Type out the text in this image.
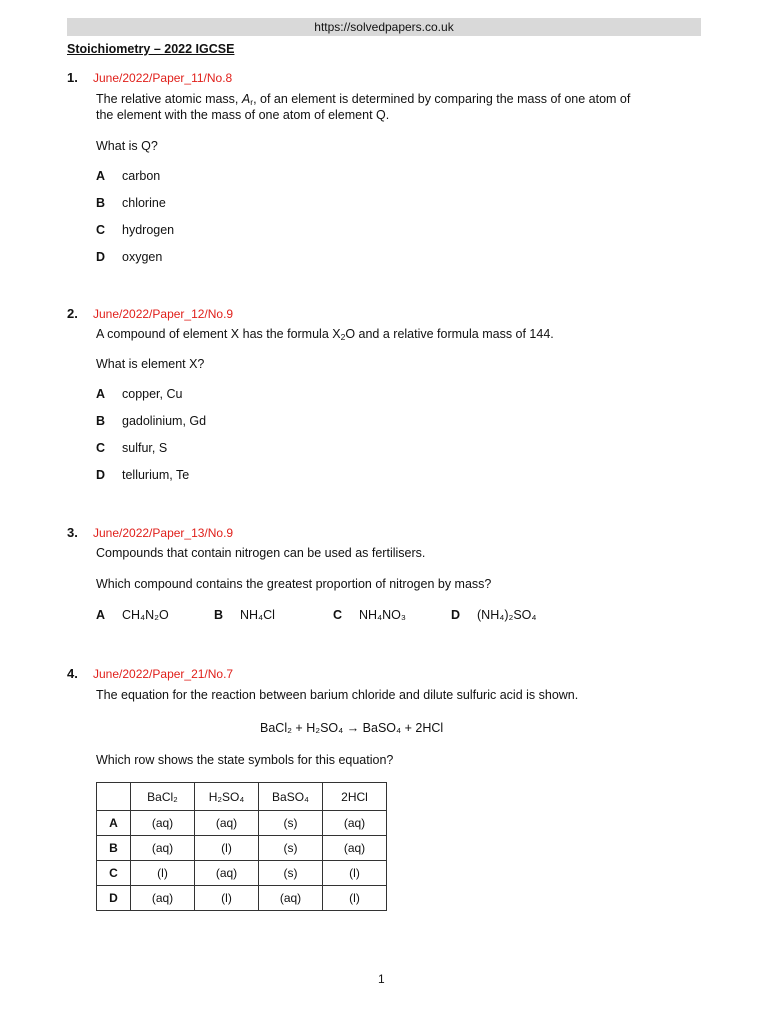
https://solvedpapers.co.uk
Stoichiometry – 2022 IGCSE
1. June/2022/Paper_11/No.8
The relative atomic mass, $A_r$, of an element is determined by comparing the mass of one atom of
the element with the mass of one atom of element Q.
What is Q?
A carbon
B chlorine
C hydrogen
D oxygen
2. June/2022/Paper_12/No.9
A compound of element X has the formula $X_2O$ and a relative formula mass of 144.
What is element X?
A copper, Cu
B gadolinium, Gd
C sulfur, S
D tellurium, Te
3. June/2022/Paper_13/No.9
Compounds that contain nitrogen can be used as fertilisers.
Which compound contains the greatest proportion of nitrogen by mass?
A CH₄N₂O	B NH₄Cl	C NH₄NO₃	D (NH₄)₂SO₄
4. June/2022/Paper_21/No.7
The equation for the reaction between barium chloride and dilute sulfuric acid is shown.
BaCl₂ + H₂SO₄ → BaSO₄ + 2HCl
Which row shows the state symbols for this equation?
	BaCl₂	H₂SO₄	BaSO₄	2HCl
A	(aq)	(aq)	(s)	(aq)
B	(aq)	(l)	(s)	(aq)
C	(l)	(aq)	(s)	(l)
D	(aq)	(l)	(aq)	(l)
1
